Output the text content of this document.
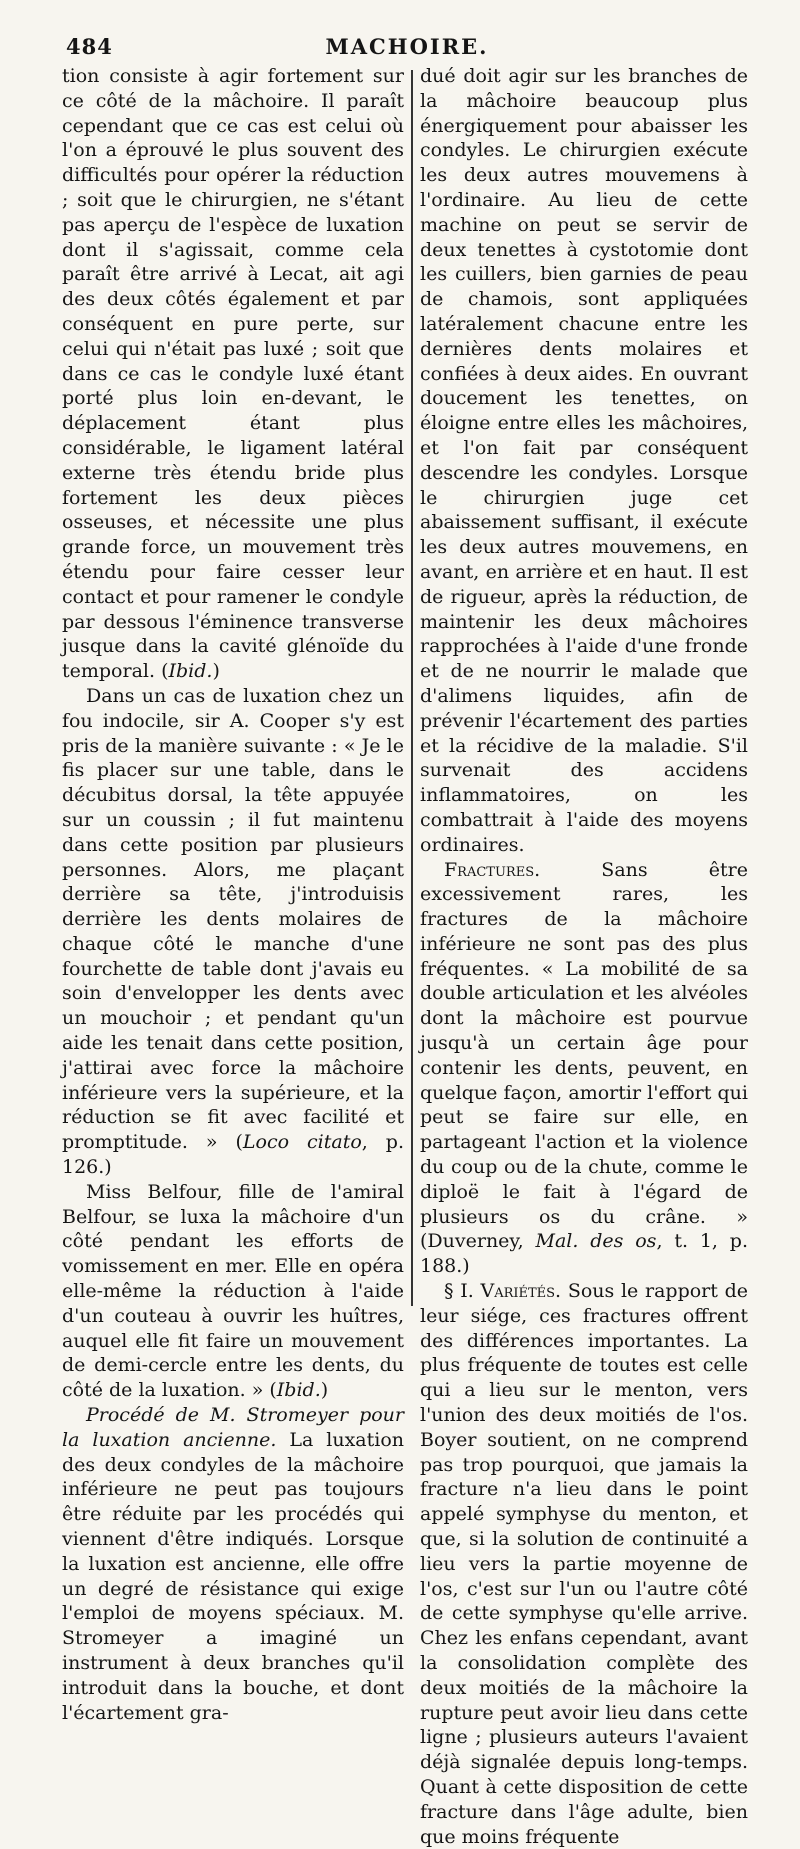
484	MACHOIRE.

tion consiste à agir fortement sur ce côté de la mâchoire. Il paraît cependant que ce cas est celui où l'on a éprouvé le plus souvent des difficultés pour opérer la réduction ; soit que le chirurgien, ne s'étant pas aperçu de l'espèce de luxation dont il s'agissait, comme cela paraît être arrivé à Lecat, ait agi des deux côtés également et par conséquent en pure perte, sur celui qui n'était pas luxé ; soit que dans ce cas le condyle luxé étant porté plus loin en-devant, le déplacement étant plus considérable, le ligament latéral externe très étendu bride plus fortement les deux pièces osseuses, et nécessite une plus grande force, un mouvement très étendu pour faire cesser leur contact et pour ramener le condyle par dessous l'éminence transverse jusque dans la cavité glénoïde du temporal. (Ibid.)

Dans un cas de luxation chez un fou indocile, sir A. Cooper s'y est pris de la manière suivante : « Je le fis placer sur une table, dans le décubitus dorsal, la tête appuyée sur un coussin ; il fut maintenu dans cette position par plusieurs personnes. Alors, me plaçant derrière sa tête, j'introduisis derrière les dents molaires de chaque côté le manche d'une fourchette de table dont j'avais eu soin d'envelopper les dents avec un mouchoir ; et pendant qu'un aide les tenait dans cette position, j'attirai avec force la mâchoire inférieure vers la supérieure, et la réduction se fit avec facilité et promptitude. » (Loco citato, p. 126.)

Miss Belfour, fille de l'amiral Belfour, se luxa la mâchoire d'un côté pendant les efforts de vomissement en mer. Elle en opéra elle-même la réduction à l'aide d'un couteau à ouvrir les huîtres, auquel elle fit faire un mouvement de demi-cercle entre les dents, du côté de la luxation. » (Ibid.)

Procédé de M. Stromeyer pour la luxation ancienne. La luxation des deux condyles de la mâchoire inférieure ne peut pas toujours être réduite par les procédés qui viennent d'être indiqués. Lorsque la luxation est ancienne, elle offre un degré de résistance qui exige l'emploi de moyens spéciaux. M. Stromeyer a imaginé un instrument à deux branches qu'il introduit dans la bouche, et dont l'écartement gra-

dué doit agir sur les branches de la mâchoire beaucoup plus énergiquement pour abaisser les condyles. Le chirurgien exécute les deux autres mouvemens à l'ordinaire. Au lieu de cette machine on peut se servir de deux tenettes à cystotomie dont les cuillers, bien garnies de peau de chamois, sont appliquées latéralement chacune entre les dernières dents molaires et confiées à deux aides. En ouvrant doucement les tenettes, on éloigne entre elles les mâchoires, et l'on fait par conséquent descendre les condyles. Lorsque le chirurgien juge cet abaissement suffisant, il exécute les deux autres mouvemens, en avant, en arrière et en haut. Il est de rigueur, après la réduction, de maintenir les deux mâchoires rapprochées à l'aide d'une fronde et de ne nourrir le malade que d'alimens liquides, afin de prévenir l'écartement des parties et la récidive de la maladie. S'il survenait des accidens inflammatoires, on les combattrait à l'aide des moyens ordinaires.

Fractures. Sans être excessivement rares, les fractures de la mâchoire inférieure ne sont pas des plus fréquentes. « La mobilité de sa double articulation et les alvéoles dont la mâchoire est pourvue jusqu'à un certain âge pour contenir les dents, peuvent, en quelque façon, amortir l'effort qui peut se faire sur elle, en partageant l'action et la violence du coup ou de la chute, comme le diploë le fait à l'égard de plusieurs os du crâne. » (Duverney, Mal. des os, t. 1, p. 188.)

§ I. Variétés. Sous le rapport de leur siége, ces fractures offrent des différences importantes. La plus fréquente de toutes est celle qui a lieu sur le menton, vers l'union des deux moitiés de l'os. Boyer soutient, on ne comprend pas trop pourquoi, que jamais la fracture n'a lieu dans le point appelé symphyse du menton, et que, si la solution de continuité a lieu vers la partie moyenne de l'os, c'est sur l'un ou l'autre côté de cette symphyse qu'elle arrive. Chez les enfans cependant, avant la consolidation complète des deux moitiés de la mâchoire la rupture peut avoir lieu dans cette ligne ; plusieurs auteurs l'avaient déjà signalée depuis long-temps. Quant à cette disposition de cette fracture dans l'âge adulte, bien que moins fréquente
